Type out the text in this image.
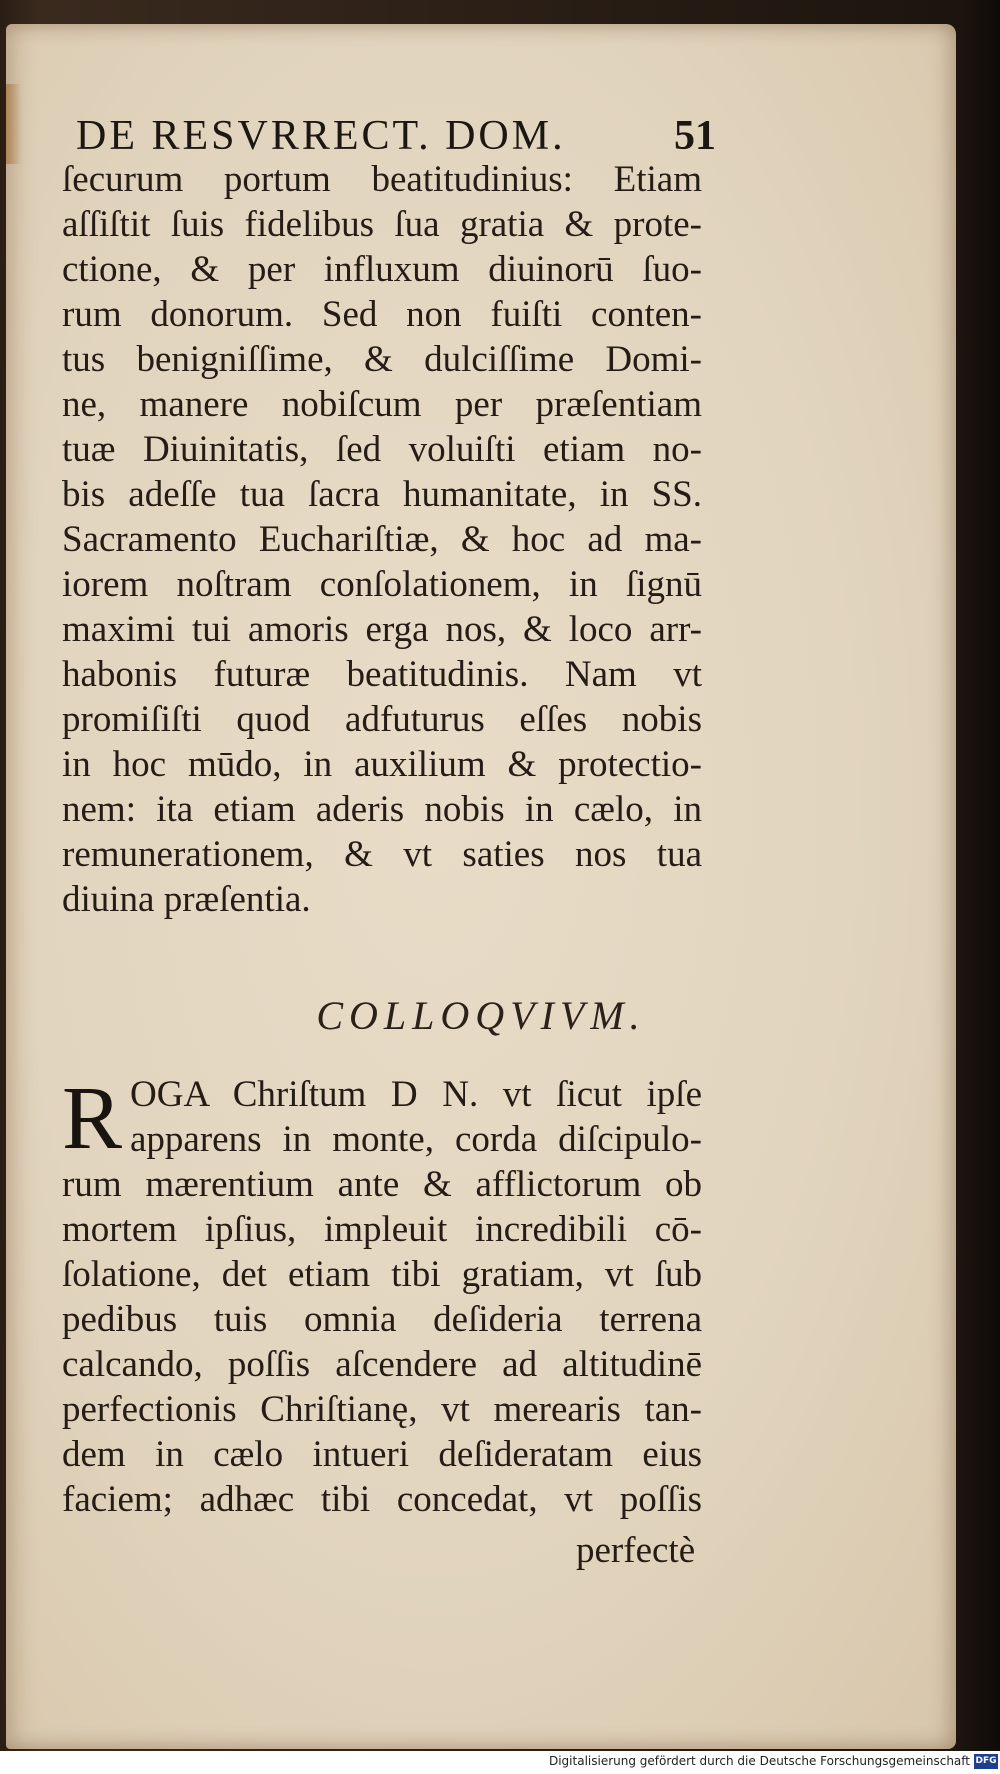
DE RESVRRECT. DOM.	51
ſecurum portum beatitudinius: Etiam
aſſiſtit ſuis fidelibus ſua gratia & prote-
ctione, & per influxum diuinorū ſuo-
rum donorum. Sed non fuiſti conten-
tus benigniſſime, & dulciſſime Domi-
ne, manere nobiſcum per præſentiam
tuæ Diuinitatis, ſed voluiſti etiam no-
bis adeſſe tua ſacra humanitate, in SS.
Sacramento Euchariſtiæ, & hoc ad ma-
iorem noſtram conſolationem, in ſignū
maximi tui amoris erga nos, & loco arr-
habonis futuræ beatitudinis. Nam vt
promiſiſti quod adfuturus eſſes nobis
in hoc mūdo, in auxilium & protectio-
nem: ita etiam aderis nobis in cælo, in
remunerationem, & vt saties nos tua
diuina præſentia.
COLLOQVIVM.
R OGA Chriſtum D N. vt ſicut ipſe
apparens in monte, corda diſcipulo-
rum mærentium ante & afflictorum ob
mortem ipſius, impleuit incredibili cō-
ſolatione, det etiam tibi gratiam, vt ſub
pedibus tuis omnia deſideria terrena
calcando, poſſis aſcendere ad altitudinē
perfectionis Chriſtianę, vt merearis tan-
dem in cælo intueri deſideratam eius
faciem; adhæc tibi concedat, vt poſſis
perfectè
Digitalisierung gefördert durch die Deutsche Forschungsgemeinschaft DFG
